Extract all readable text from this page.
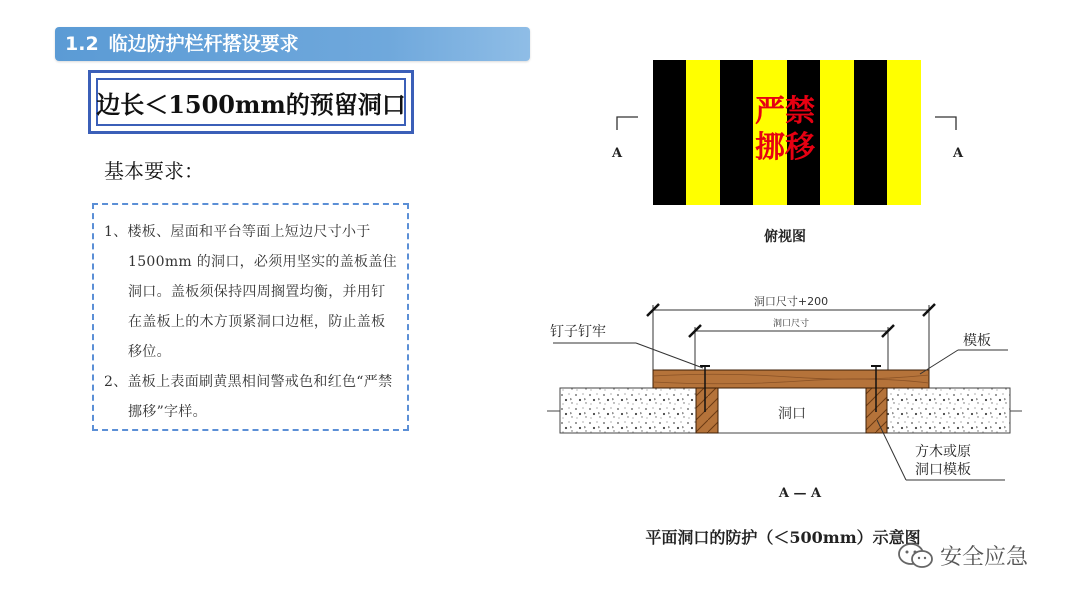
1.2 临边防护栏杆搭设要求
边长＜1500mm的预留洞口
基本要求：
1、楼板、屋面和平台等面上短边尺寸小于 1500mm 的洞口，必须用坚实的盖板盖住洞口。盖板须保持四周搁置均衡，并用钉在盖板上的木方顶紧洞口边框，防止盖板移位。
2、盖板上表面刷黄黑相间警戒色和红色“严禁挪移”字样。
严禁
挪移
A	A
俯视图
洞口尺寸+200
洞口尺寸
洞口
钉子钉牢
模板
方木或原
洞口模板
A — A
平面洞口的防护（＜500mm）示意图
安全应急
